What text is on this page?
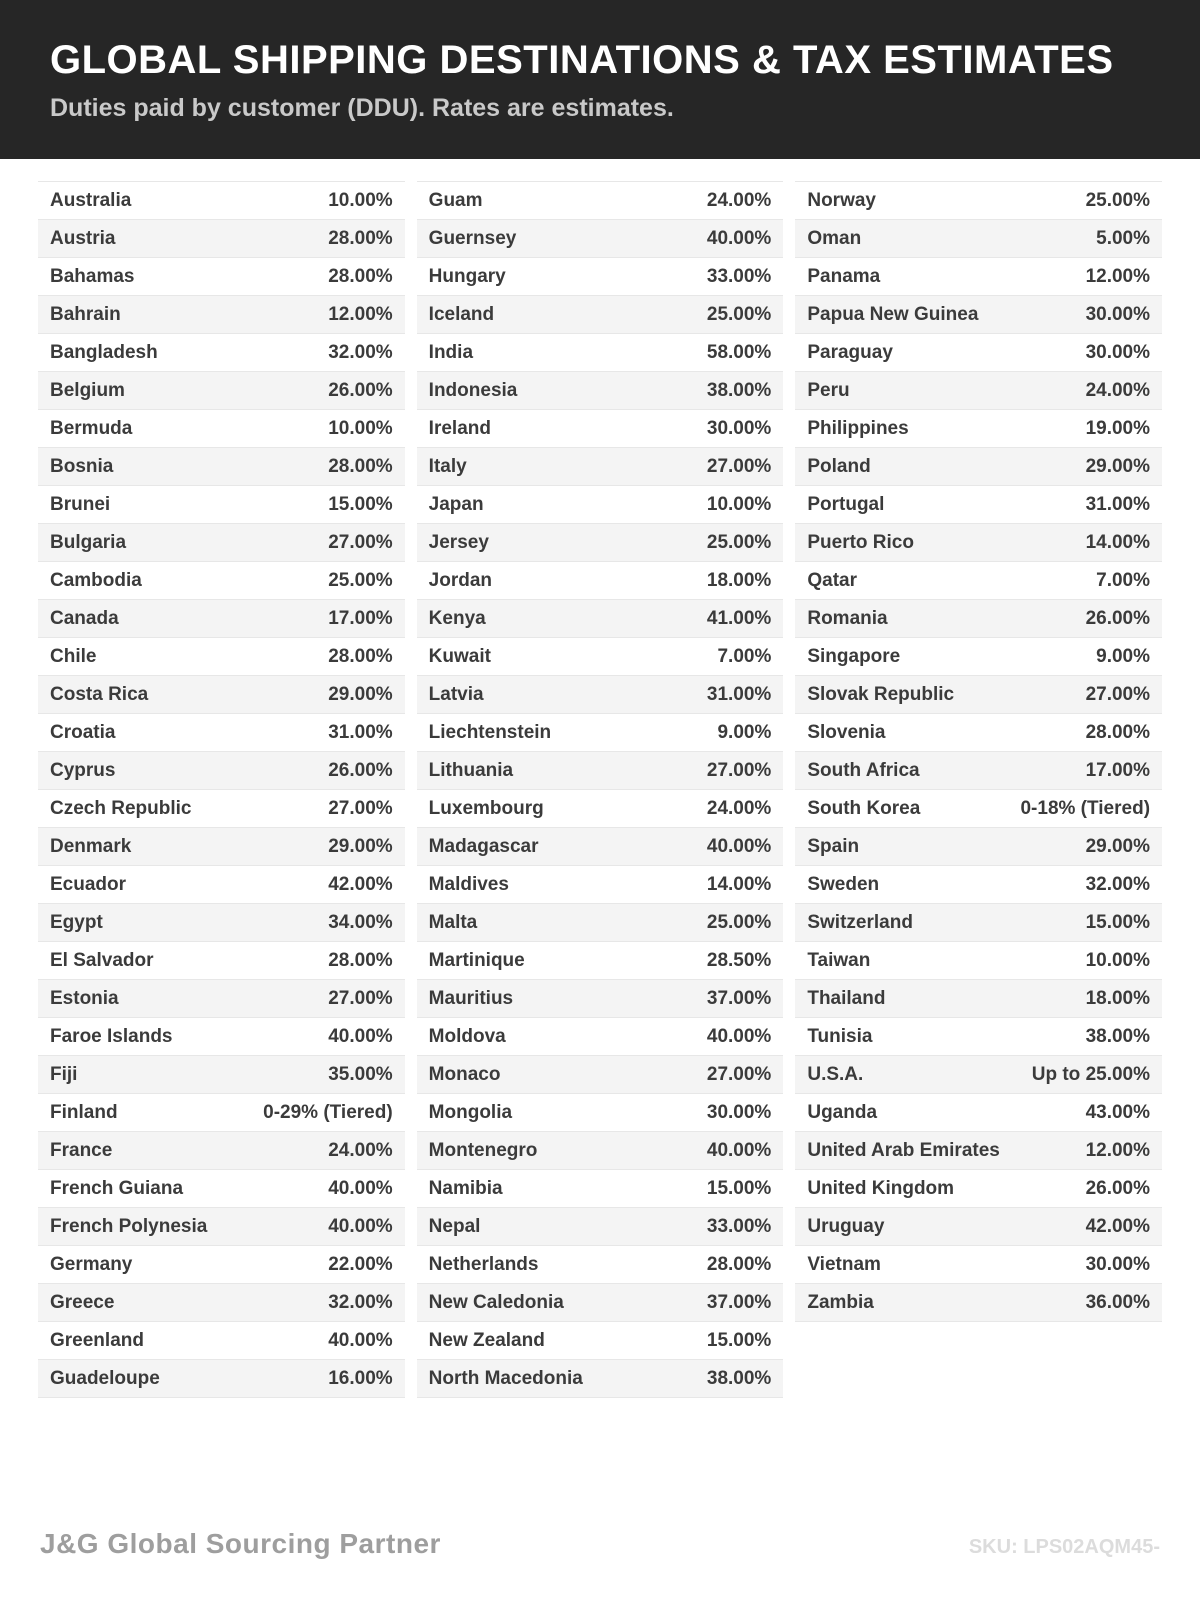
GLOBAL SHIPPING DESTINATIONS & TAX ESTIMATES
Duties paid by customer (DDU). Rates are estimates.
Australia	10.00%
Austria	28.00%
Bahamas	28.00%
Bahrain	12.00%
Bangladesh	32.00%
Belgium	26.00%
Bermuda	10.00%
Bosnia	28.00%
Brunei	15.00%
Bulgaria	27.00%
Cambodia	25.00%
Canada	17.00%
Chile	28.00%
Costa Rica	29.00%
Croatia	31.00%
Cyprus	26.00%
Czech Republic	27.00%
Denmark	29.00%
Ecuador	42.00%
Egypt	34.00%
El Salvador	28.00%
Estonia	27.00%
Faroe Islands	40.00%
Fiji	35.00%
Finland	0-29% (Tiered)
France	24.00%
French Guiana	40.00%
French Polynesia	40.00%
Germany	22.00%
Greece	32.00%
Greenland	40.00%
Guadeloupe	16.00%
Guam	24.00%
Guernsey	40.00%
Hungary	33.00%
Iceland	25.00%
India	58.00%
Indonesia	38.00%
Ireland	30.00%
Italy	27.00%
Japan	10.00%
Jersey	25.00%
Jordan	18.00%
Kenya	41.00%
Kuwait	7.00%
Latvia	31.00%
Liechtenstein	9.00%
Lithuania	27.00%
Luxembourg	24.00%
Madagascar	40.00%
Maldives	14.00%
Malta	25.00%
Martinique	28.50%
Mauritius	37.00%
Moldova	40.00%
Monaco	27.00%
Mongolia	30.00%
Montenegro	40.00%
Namibia	15.00%
Nepal	33.00%
Netherlands	28.00%
New Caledonia	37.00%
New Zealand	15.00%
North Macedonia	38.00%
Norway	25.00%
Oman	5.00%
Panama	12.00%
Papua New Guinea	30.00%
Paraguay	30.00%
Peru	24.00%
Philippines	19.00%
Poland	29.00%
Portugal	31.00%
Puerto Rico	14.00%
Qatar	7.00%
Romania	26.00%
Singapore	9.00%
Slovak Republic	27.00%
Slovenia	28.00%
South Africa	17.00%
South Korea	0-18% (Tiered)
Spain	29.00%
Sweden	32.00%
Switzerland	15.00%
Taiwan	10.00%
Thailand	18.00%
Tunisia	38.00%
U.S.A.	Up to 25.00%
Uganda	43.00%
United Arab Emirates	12.00%
United Kingdom	26.00%
Uruguay	42.00%
Vietnam	30.00%
Zambia	36.00%
J&G Global Sourcing Partner	SKU: LPS02AQM45-
